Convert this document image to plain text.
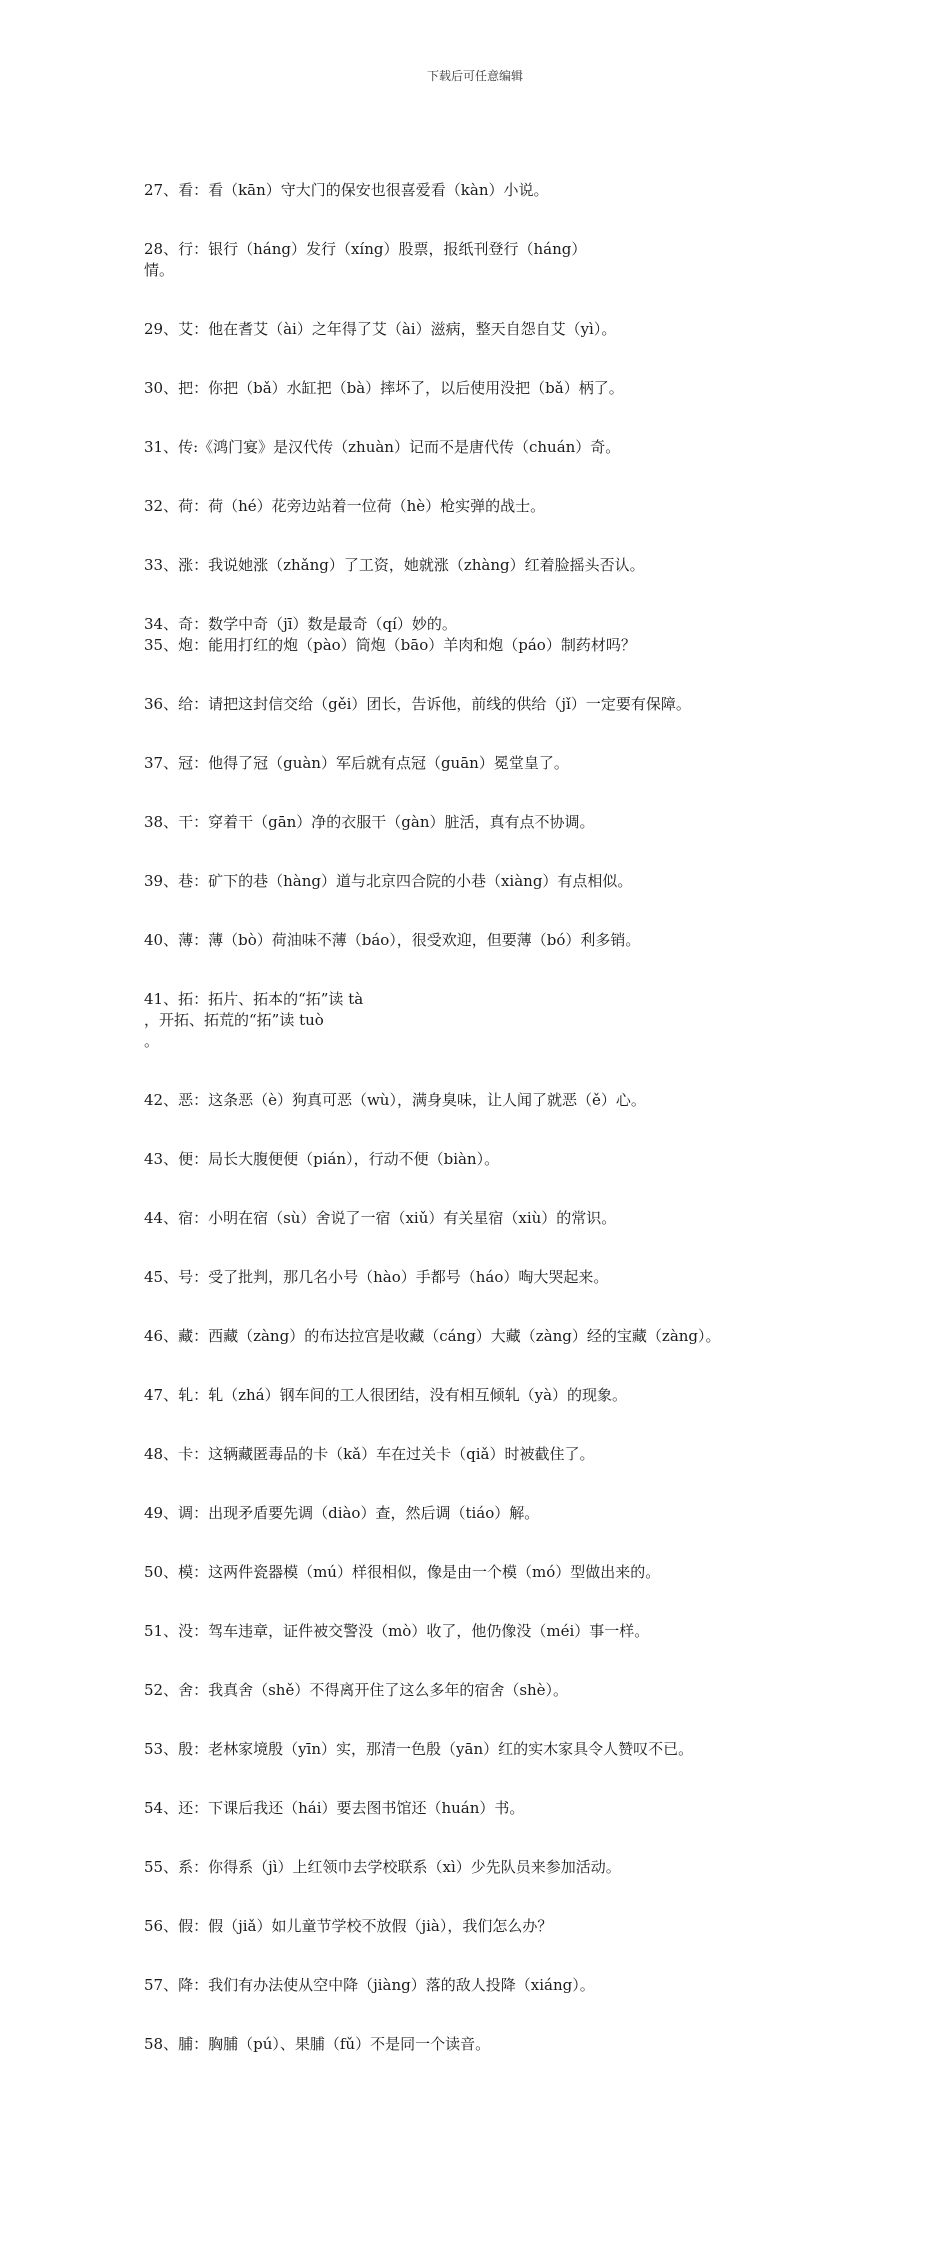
下载后可任意编辑
27、看：看（kān）守大门的保安也很喜爱看（kàn）小说。
28、行：银行（háng）发行（xíng）股票，报纸刊登行（háng）
情。
29、艾：他在耆艾（ài）之年得了艾（ài）滋病，整天自怨自艾（yì）。
30、把：你把（bǎ）水缸把（bà）摔坏了，以后使用没把（bǎ）柄了。
31、传:《鸿门宴》是汉代传（zhuàn）记而不是唐代传（chuán）奇。
32、荷：荷（hé）花旁边站着一位荷（hè）枪实弹的战士。
33、涨：我说她涨（zhǎng）了工资，她就涨（zhàng）红着脸摇头否认。
34、奇：数学中奇（jī）数是最奇（qí）妙的。
35、炮：能用打红的炮（pào）筒炮（bāo）羊肉和炮（páo）制药材吗？
36、给：请把这封信交给（gěi）团长，告诉他，前线的供给（jǐ）一定要有保障。
37、冠：他得了冠（guàn）军后就有点冠（guān）冕堂皇了。
38、干：穿着干（gān）净的衣服干（gàn）脏活，真有点不协调。
39、巷：矿下的巷（hàng）道与北京四合院的小巷（xiàng）有点相似。
40、薄：薄（bò）荷油味不薄（báo），很受欢迎，但要薄（bó）利多销。
41、拓：拓片、拓本的“拓”读 tà
，开拓、拓荒的“拓”读 tuò
。
42、恶：这条恶（è）狗真可恶（wù），满身臭味，让人闻了就恶（ě）心。
43、便：局长大腹便便（pián），行动不便（biàn）。
44、宿：小明在宿（sù）舍说了一宿（xiǔ）有关星宿（xiù）的常识。
45、号：受了批判，那几名小号（hào）手都号（háo）啕大哭起来。
46、藏：西藏（zàng）的布达拉宫是收藏（cáng）大藏（zàng）经的宝藏（zàng）。
47、轧：轧（zhá）钢车间的工人很团结，没有相互倾轧（yà）的现象。
48、卡：这辆藏匿毒品的卡（kǎ）车在过关卡（qiǎ）时被截住了。
49、调：出现矛盾要先调（diào）查，然后调（tiáo）解。
50、模：这两件瓷器模（mú）样很相似，像是由一个模（mó）型做出来的。
51、没：驾车违章，证件被交警没（mò）收了，他仍像没（méi）事一样。
52、舍：我真舍（shě）不得离开住了这么多年的宿舍（shè）。
53、殷：老林家境殷（yīn）实，那清一色殷（yān）红的实木家具令人赞叹不已。
54、还：下课后我还（hái）要去图书馆还（huán）书。
55、系：你得系（jì）上红领巾去学校联系（xì）少先队员来参加活动。
56、假：假（jiǎ）如儿童节学校不放假（jià），我们怎么办？
57、降：我们有办法使从空中降（jiàng）落的敌人投降（xiáng）。
58、脯：胸脯（pú）、果脯（fǔ）不是同一个读音。
